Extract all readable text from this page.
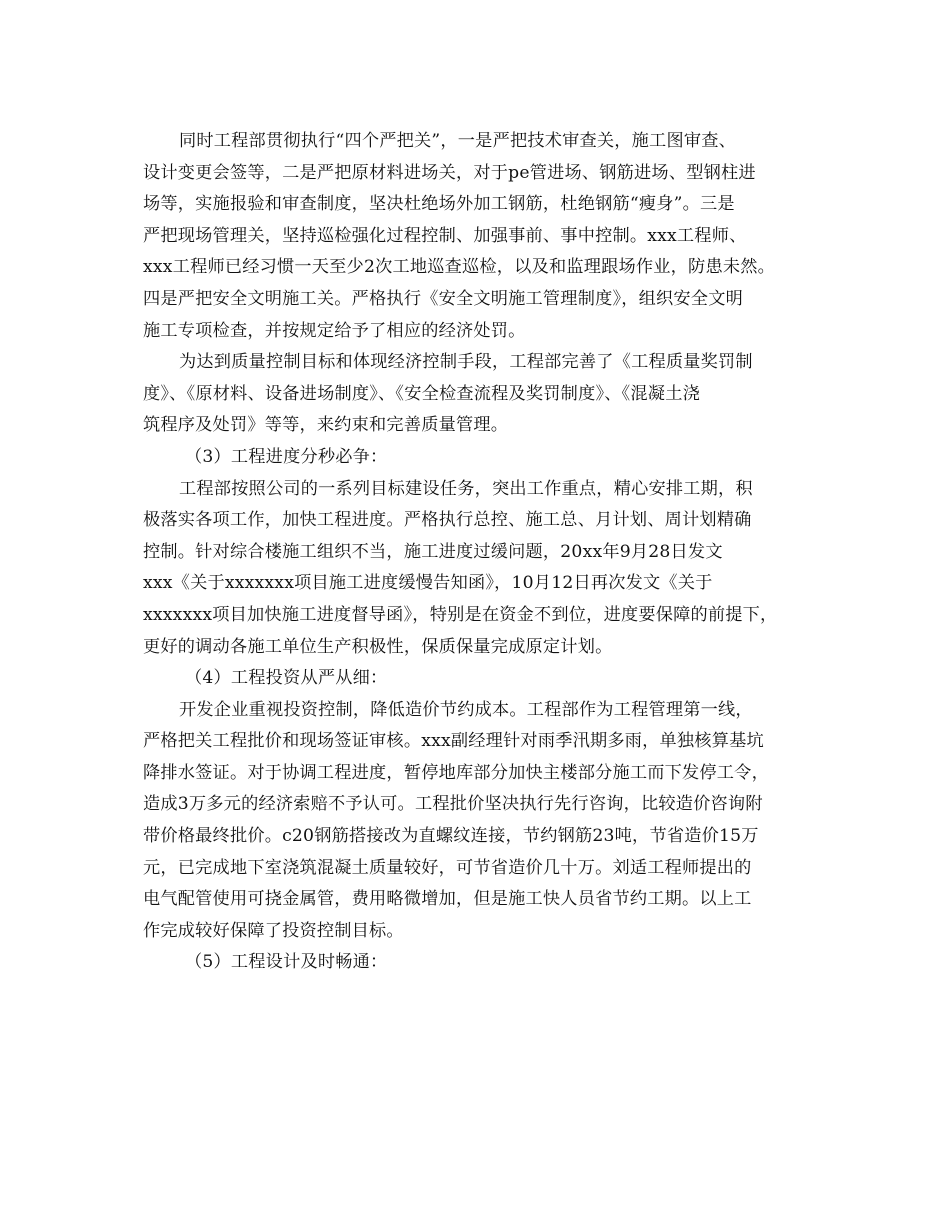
同时工程部贯彻执行“四个严把关”，一是严把技术审查关，施工图审查、
设计变更会签等，二是严把原材料进场关，对于pe管进场、钢筋进场、型钢柱进
场等，实施报验和审查制度，坚决杜绝场外加工钢筋，杜绝钢筋“瘦身”。三是
严把现场管理关，坚持巡检强化过程控制、加强事前、事中控制。xxx工程师、
xxx工程师已经习惯一天至少2次工地巡查巡检，以及和监理跟场作业，防患未然。
四是严把安全文明施工关。严格执行《安全文明施工管理制度》，组织安全文明
施工专项检查，并按规定给予了相应的经济处罚。
为达到质量控制目标和体现经济控制手段，工程部完善了《工程质量奖罚制
度》、《原材料、设备进场制度》、《安全检查流程及奖罚制度》、《混凝土浇
筑程序及处罚》等等，来约束和完善质量管理。
（3）工程进度分秒必争：
工程部按照公司的一系列目标建设任务，突出工作重点，精心安排工期，积
极落实各项工作，加快工程进度。严格执行总控、施工总、月计划、周计划精确
控制。针对综合楼施工组织不当，施工进度过缓问题，20xx年9月28日发文
xxx《关于xxxxxxx项目施工进度缓慢告知函》，10月12日再次发文《关于
xxxxxxx项目加快施工进度督导函》，特别是在资金不到位，进度要保障的前提下，
更好的调动各施工单位生产积极性，保质保量完成原定计划。
（4）工程投资从严从细：
开发企业重视投资控制，降低造价节约成本。工程部作为工程管理第一线，
严格把关工程批价和现场签证审核。xxx副经理针对雨季汛期多雨，单独核算基坑
降排水签证。对于协调工程进度，暂停地库部分加快主楼部分施工而下发停工令，
造成3万多元的经济索赔不予认可。工程批价坚决执行先行咨询，比较造价咨询附
带价格最终批价。c20钢筋搭接改为直螺纹连接，节约钢筋23吨，节省造价15万
元，已完成地下室浇筑混凝土质量较好，可节省造价几十万。刘适工程师提出的
电气配管使用可挠金属管，费用略微增加，但是施工快人员省节约工期。以上工
作完成较好保障了投资控制目标。
（5）工程设计及时畅通：
